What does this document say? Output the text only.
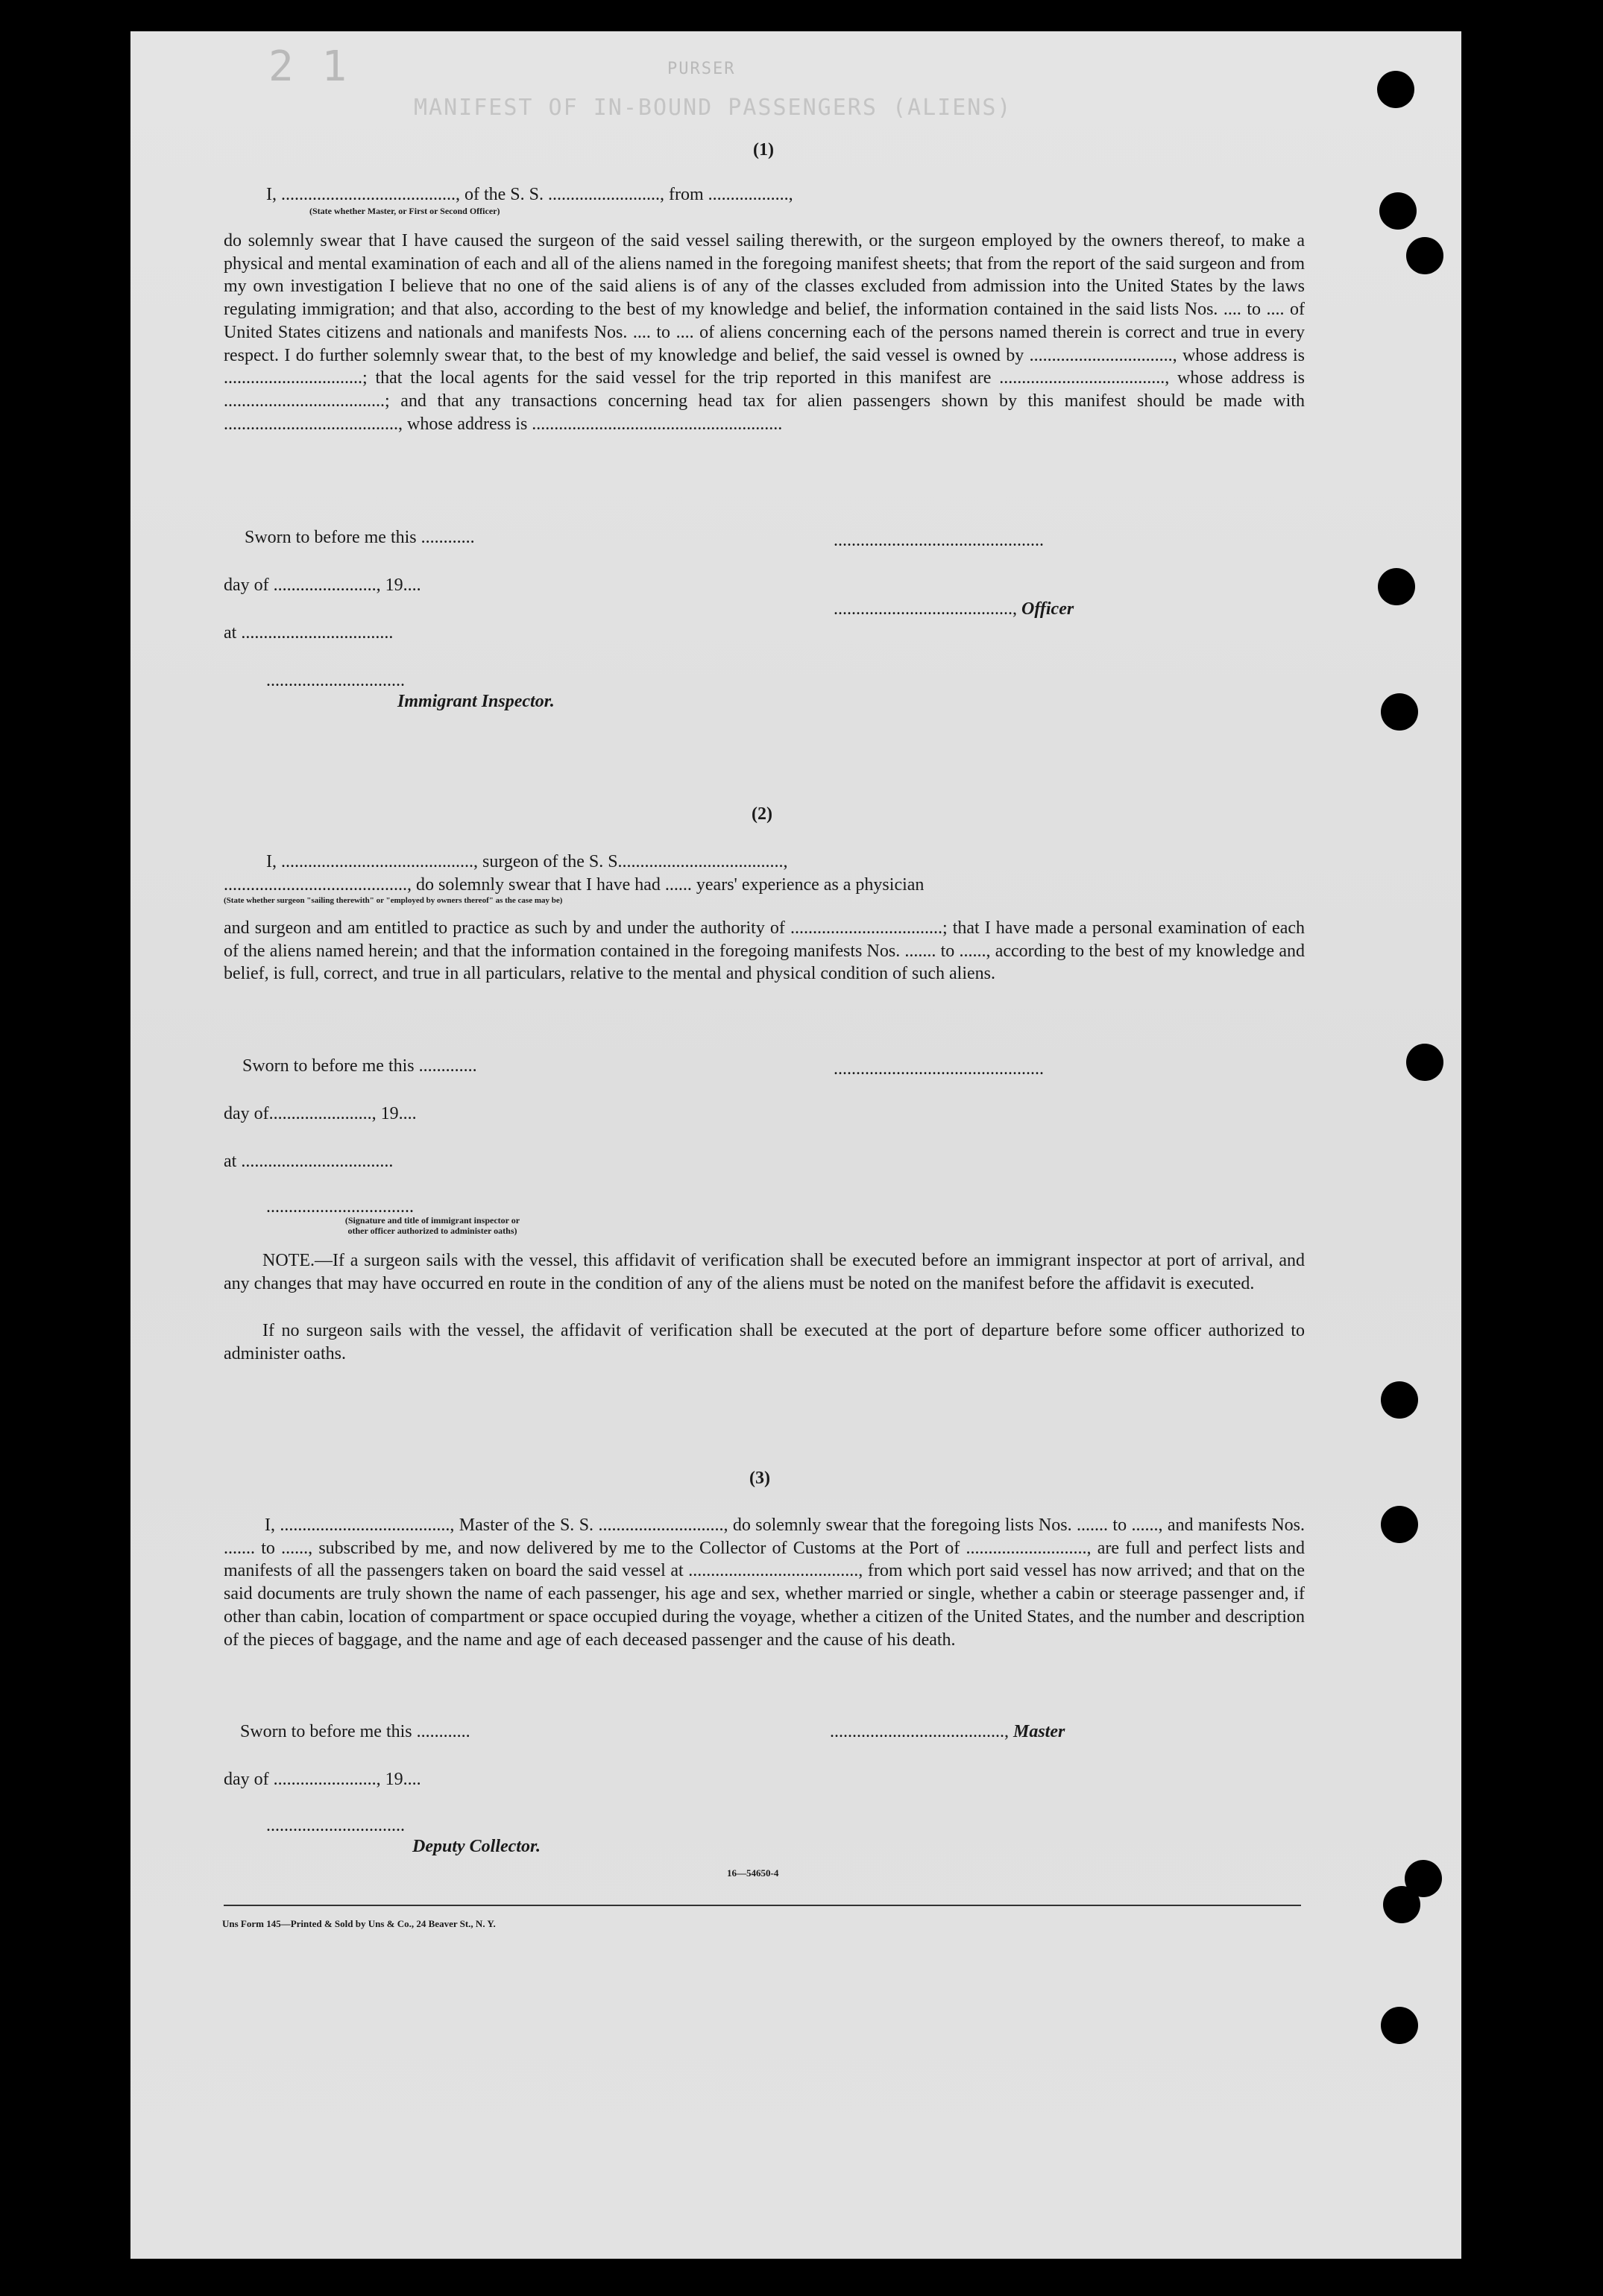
2 1	PURSER
MANIFEST OF IN-BOUND PASSENGERS (ALIENS)
(1)
I, ......................................., of the S. S. ........................., from ..................,
(State whether Master, or First or Second Officer)
do solemnly swear that I have caused the surgeon of the said vessel sailing therewith, or the surgeon employed by the owners thereof, to make a physical and mental examination of each and all of the aliens named in the foregoing manifest sheets; that from the report of the said surgeon and from my own investigation I believe that no one of the said aliens is of any of the classes excluded from admission into the United States by the laws regulating immigration; and that also, according to the best of my knowledge and belief, the information contained in the said lists Nos. .... to .... of United States citizens and nationals and manifests Nos. .... to .... of aliens concerning each of the persons named therein is correct and true in every respect. I do further solemnly swear that, to the best of my knowledge and belief, the said vessel is owned by ................................, whose address is ...............................; that the local agents for the said vessel for the trip reported in this manifest are ....................................., whose address is ....................................; and that any transactions concerning head tax for alien passengers shown by this manifest should be made with ......................................., whose address is ........................................................
Sworn to before me this ............	...............................................
day of ......................., 19....
........................................, Officer
at ..................................
...............................
Immigrant Inspector.
(2)
I, ..........................................., surgeon of the S. S.....................................,
........................................., do solemnly swear that I have had ...... years' experience as a physician
(State whether surgeon "sailing therewith" or "employed by owners thereof" as the case may be)
and surgeon and am entitled to practice as such by and under the authority of ..................................; that I have made a personal examination of each of the aliens named herein; and that the information contained in the foregoing manifests Nos. ....... to ......, according to the best of my knowledge and belief, is full, correct, and true in all particulars, relative to the mental and physical condition of such aliens.
Sworn to before me this .............	...............................................
day of......................., 19....
at ..................................
.................................
(Signature and title of immigrant inspector or
other officer authorized to administer oaths)
NOTE.—If a surgeon sails with the vessel, this affidavit of verification shall be executed before an immigrant inspector at port of arrival, and any changes that may have occurred en route in the condition of any of the aliens must be noted on the manifest before the affidavit is executed.
If no surgeon sails with the vessel, the affidavit of verification shall be executed at the port of departure before some officer authorized to administer oaths.
(3)
I, ......................................, Master of the S. S. ............................, do solemnly swear that the foregoing lists Nos. ....... to ......, and manifests Nos. ....... to ......, subscribed by me, and now delivered by me to the Collector of Customs at the Port of ..........................., are full and perfect lists and manifests of all the passengers taken on board the said vessel at ......................................, from which port said vessel has now arrived; and that on the said documents are truly shown the name of each passenger, his age and sex, whether married or single, whether a cabin or steerage passenger and, if other than cabin, location of compartment or space occupied during the voyage, whether a citizen of the United States, and the number and description of the pieces of baggage, and the name and age of each deceased passenger and the cause of his death.
Sworn to before me this ............	......................................., Master
day of ......................., 19....
...............................
Deputy Collector.
16—54650-4
Uns Form 145—Printed & Sold by Uns & Co., 24 Beaver St., N. Y.
